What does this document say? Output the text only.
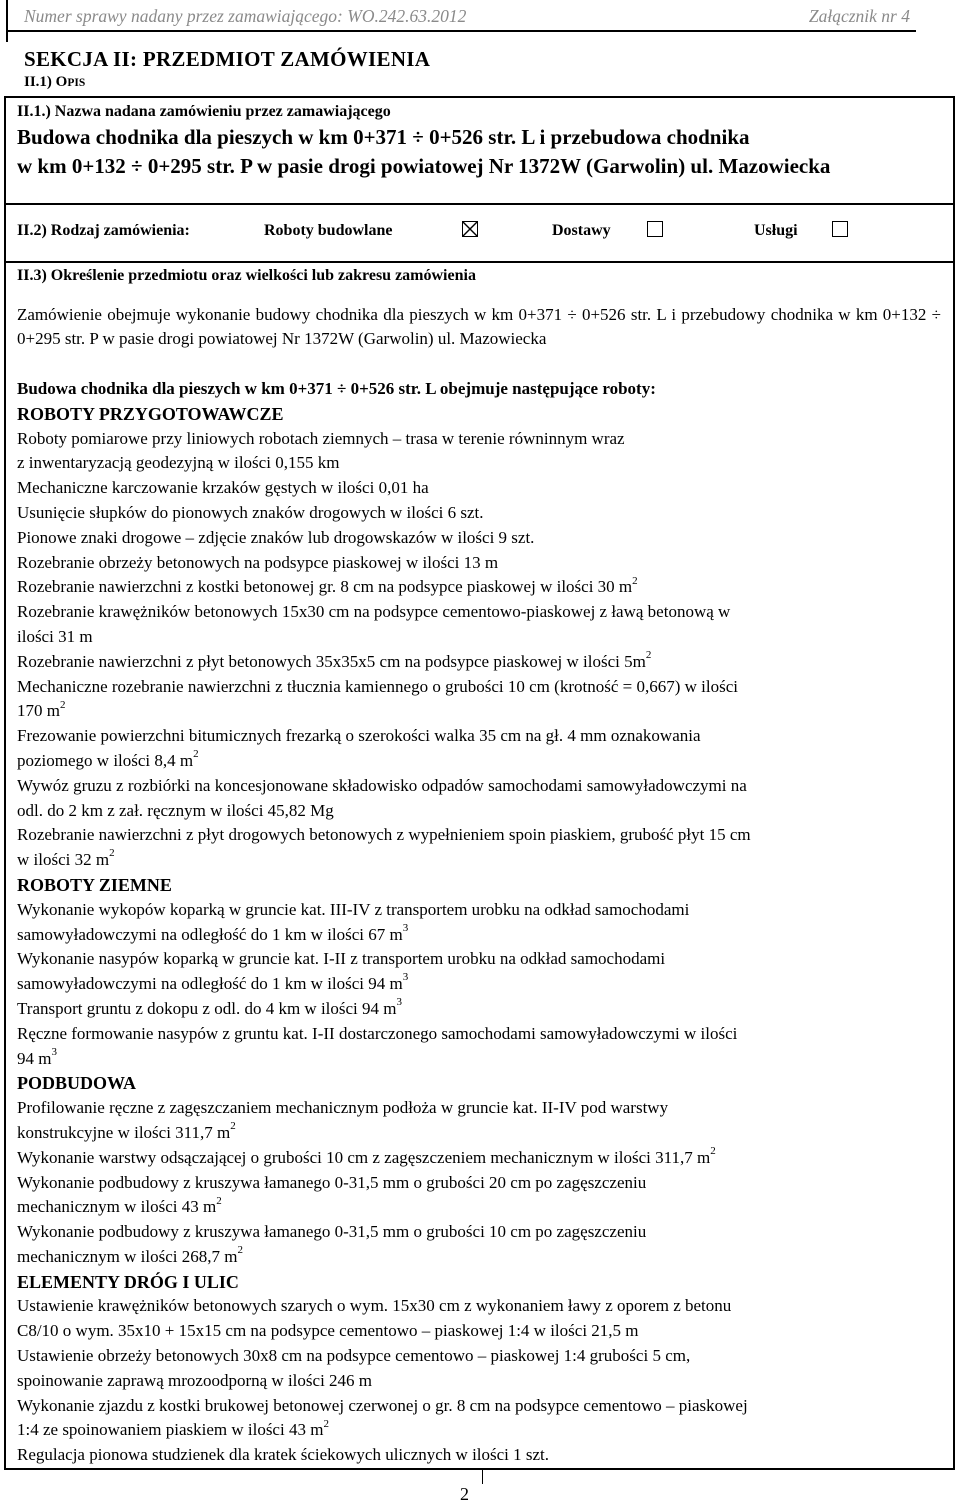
Numer sprawy nadany przez zamawiającego: WO.242.63.2012	Załącznik nr 4
SEKCJA II: PRZEDMIOT ZAMÓWIENIA
II.1) OPIS
II.1.) Nazwa nadana zamówieniu przez zamawiającego
Budowa chodnika dla pieszych w km 0+371 ÷ 0+526 str. L i przebudowa chodnika
w km 0+132 ÷ 0+295 str. P w pasie drogi powiatowej Nr 1372W (Garwolin) ul. Mazowiecka
II.2) Rodzaj zamówienia:	Roboty budowlane	Dostawy	Usługi
II.3) Określenie przedmiotu oraz wielkości lub zakresu zamówienia
Zamówienie obejmuje wykonanie budowy chodnika dla pieszych w km 0+371 ÷ 0+526 str. L i przebudowy chodnika w km 0+132 ÷ 0+295 str. P w pasie drogi powiatowej Nr 1372W (Garwolin) ul. Mazowiecka

Budowa chodnika dla pieszych w km 0+371 ÷ 0+526 str. L obejmuje następujące roboty:

ROBOTY PRZYGOTOWAWCZE

Roboty pomiarowe przy liniowych robotach ziemnych – trasa w terenie równinnym wraz

z inwentaryzacją geodezyjną w ilości 0,155 km

Mechaniczne karczowanie krzaków gęstych w ilości 0,01 ha

Usunięcie słupków do pionowych znaków drogowych w ilości 6 szt.

Pionowe znaki drogowe – zdjęcie znaków lub drogowskazów w ilości 9 szt.

Rozebranie obrzeży betonowych na podsypce piaskowej w ilości 13 m

Rozebranie nawierzchni z kostki betonowej gr. 8 cm na podsypce piaskowej w ilości 30 $m^2$

Rozebranie krawężników betonowych 15x30 cm na podsypce cementowo-piaskowej z ławą betonową w

ilości 31 m

Rozebranie nawierzchni z płyt betonowych 35x35x5 cm na podsypce piaskowej w ilości $5m^2$

Mechaniczne rozebranie nawierzchni z tłucznia kamiennego o grubości 10 cm (krotność = 0,667) w ilości

170 $m^2$

Frezowanie powierzchni bitumicznych frezarką o szerokości walka 35 cm na gł. 4 mm oznakowania

poziomego w ilości 8,4 $m^2$

Wywóz gruzu z rozbiórki na koncesjonowane składowisko odpadów samochodami samowyładowczymi na

odl. do 2 km z zał. ręcznym w ilości 45,82 Mg

Rozebranie nawierzchni z płyt drogowych betonowych z wypełnieniem spoin piaskiem, grubość płyt 15 cm

w ilości 32 $m^2$

ROBOTY ZIEMNE

Wykonanie wykopów koparką w gruncie kat. III-IV z transportem urobku na odkład samochodami

samowyładowczymi na odległość do 1 km w ilości 67 $m^3$

Wykonanie nasypów koparką w gruncie kat. I-II z transportem urobku na odkład samochodami

samowyładowczymi na odległość do 1 km w ilości 94 $m^3$

Transport gruntu z dokopu z odl. do 4 km w ilości 94 $m^3$

Ręczne formowanie nasypów z gruntu kat. I-II dostarczonego samochodami samowyładowczymi w ilości

94 $m^3$

PODBUDOWA

Profilowanie ręczne z zagęszczaniem mechanicznym podłoża w gruncie kat. II-IV pod warstwy

konstrukcyjne w ilości 311,7 $m^2$

Wykonanie warstwy odsączającej o grubości 10 cm z zagęszczeniem mechanicznym w ilości 311,7 $m^2$

Wykonanie podbudowy z kruszywa łamanego 0-31,5 mm o grubości 20 cm po zagęszczeniu

mechanicznym w ilości 43 $m^2$

Wykonanie podbudowy z kruszywa łamanego 0-31,5 mm o grubości 10 cm po zagęszczeniu

mechanicznym w ilości 268,7 $m^2$

ELEMENTY DRÓG I ULIC

Ustawienie krawężników betonowych szarych o wym. 15x30 cm z wykonaniem ławy z oporem z betonu

C8/10 o wym. 35x10 + 15x15 cm na podsypce cementowo – piaskowej 1:4 w ilości 21,5 m

Ustawienie obrzeży betonowych 30x8 cm na podsypce cementowo – piaskowej 1:4 grubości 5 cm,

spoinowanie zaprawą mrozoodporną w ilości 246 m

Wykonanie zjazdu z kostki brukowej betonowej czerwonej o gr. 8 cm na podsypce cementowo – piaskowej

1:4 ze spoinowaniem piaskiem w ilości 43 $m^2$

Regulacja pionowa studzienek dla kratek ściekowych ulicznych w ilości 1 szt.

2
